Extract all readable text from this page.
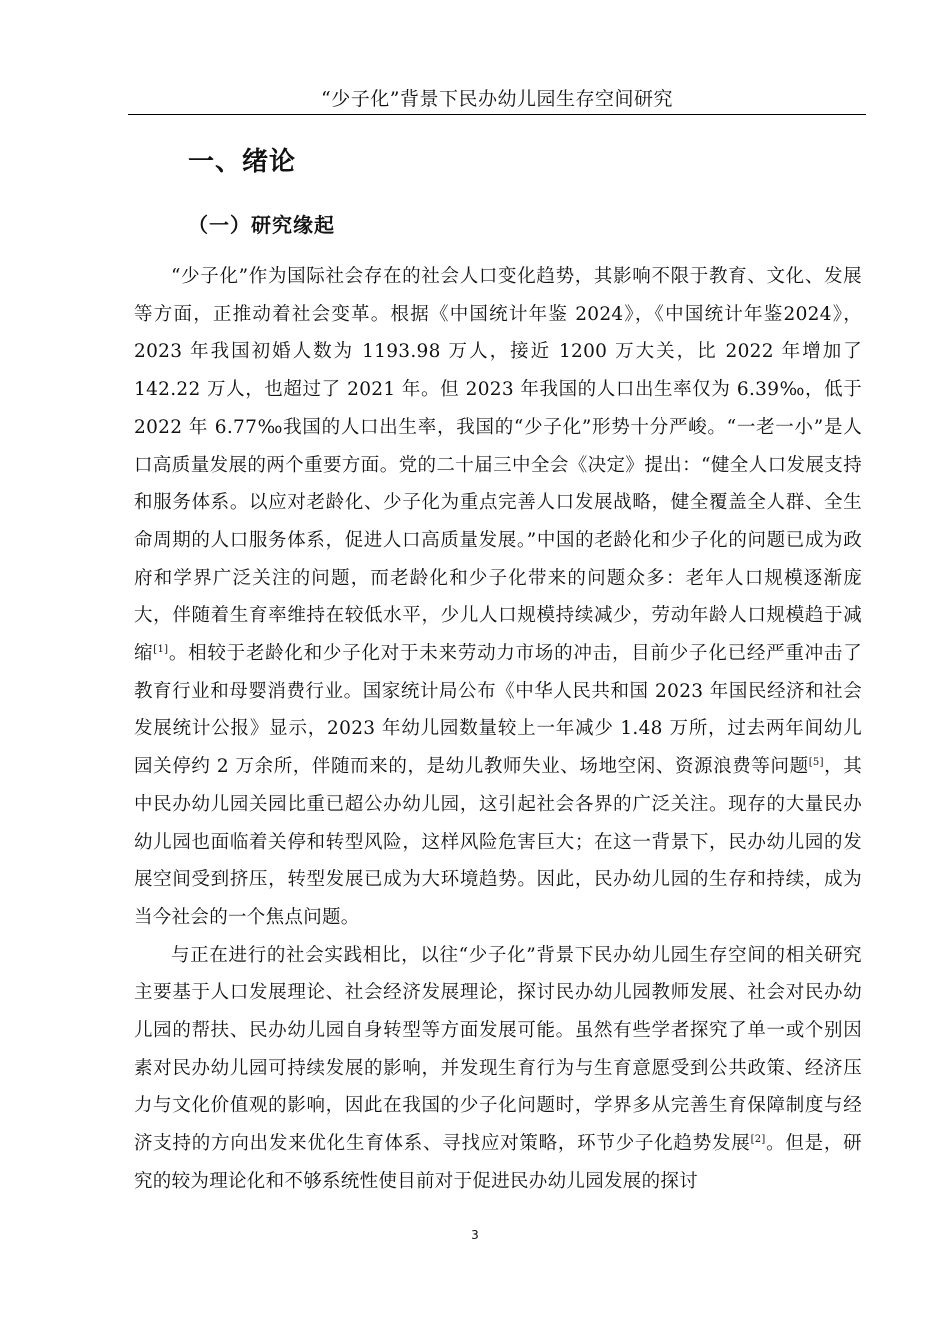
“少子化”背景下民办幼儿园生存空间研究
一、绪论
（一）研究缘起

“少子化”作为国际社会存在的社会人口变化趋势，其影响不限于教育、文化、发展等方面，正推动着社会变革。根据《中国统计年鉴 2024》，《中国统计年鉴2024》，2023 年我国初婚人数为 1193.98 万人，接近 1200 万大关，比 2022 年增加了 142.22 万人，也超过了 2021 年。但 2023 年我国的人口出生率仅为 6.39‰，低于 2022 年 6.77‰我国的人口出生率，我国的“少子化”形势十分严峻。“一老一小”是人口高质量发展的两个重要方面。党的二十届三中全会《决定》提出：“健全人口发展支持和服务体系。以应对老龄化、少子化为重点完善人口发展战略，健全覆盖全人群、全生命周期的人口服务体系，促进人口高质量发展。”中国的老龄化和少子化的问题已成为政府和学界广泛关注的问题，而老龄化和少子化带来的问题众多：老年人口规模逐渐庞大，伴随着生育率维持在较低水平，少儿人口规模持续减少，劳动年龄人口规模趋于减缩[1]。相较于老龄化和少子化对于未来劳动力市场的冲击，目前少子化已经严重冲击了教育行业和母婴消费行业。国家统计局公布《中华人民共和国 2023 年国民经济和社会发展统计公报》显示，2023 年幼儿园数量较上一年减少 1.48 万所，过去两年间幼儿园关停约 2 万余所，伴随而来的，是幼儿教师失业、场地空闲、资源浪费等问题[5]，其中民办幼儿园关园比重已超公办幼儿园，这引起社会各界的广泛关注。现存的大量民办幼儿园也面临着关停和转型风险，这样风险危害巨大；在这一背景下，民办幼儿园的发展空间受到挤压，转型发展已成为大环境趋势。因此，民办幼儿园的生存和持续，成为当今社会的一个焦点问题。

与正在进行的社会实践相比，以往“少子化”背景下民办幼儿园生存空间的相关研究主要基于人口发展理论、社会经济发展理论，探讨民办幼儿园教师发展、社会对民办幼儿园的帮扶、民办幼儿园自身转型等方面发展可能。虽然有些学者探究了单一或个别因素对民办幼儿园可持续发展的影响，并发现生育行为与生育意愿受到公共政策、经济压力与文化价值观的影响，因此在我国的少子化问题时，学界多从完善生育保障制度与经济支持的方向出发来优化生育体系、寻找应对策略，环节少子化趋势发展[2]。但是，研究的较为理论化和不够系统性使目前对于促进民办幼儿园发展的探讨

3
